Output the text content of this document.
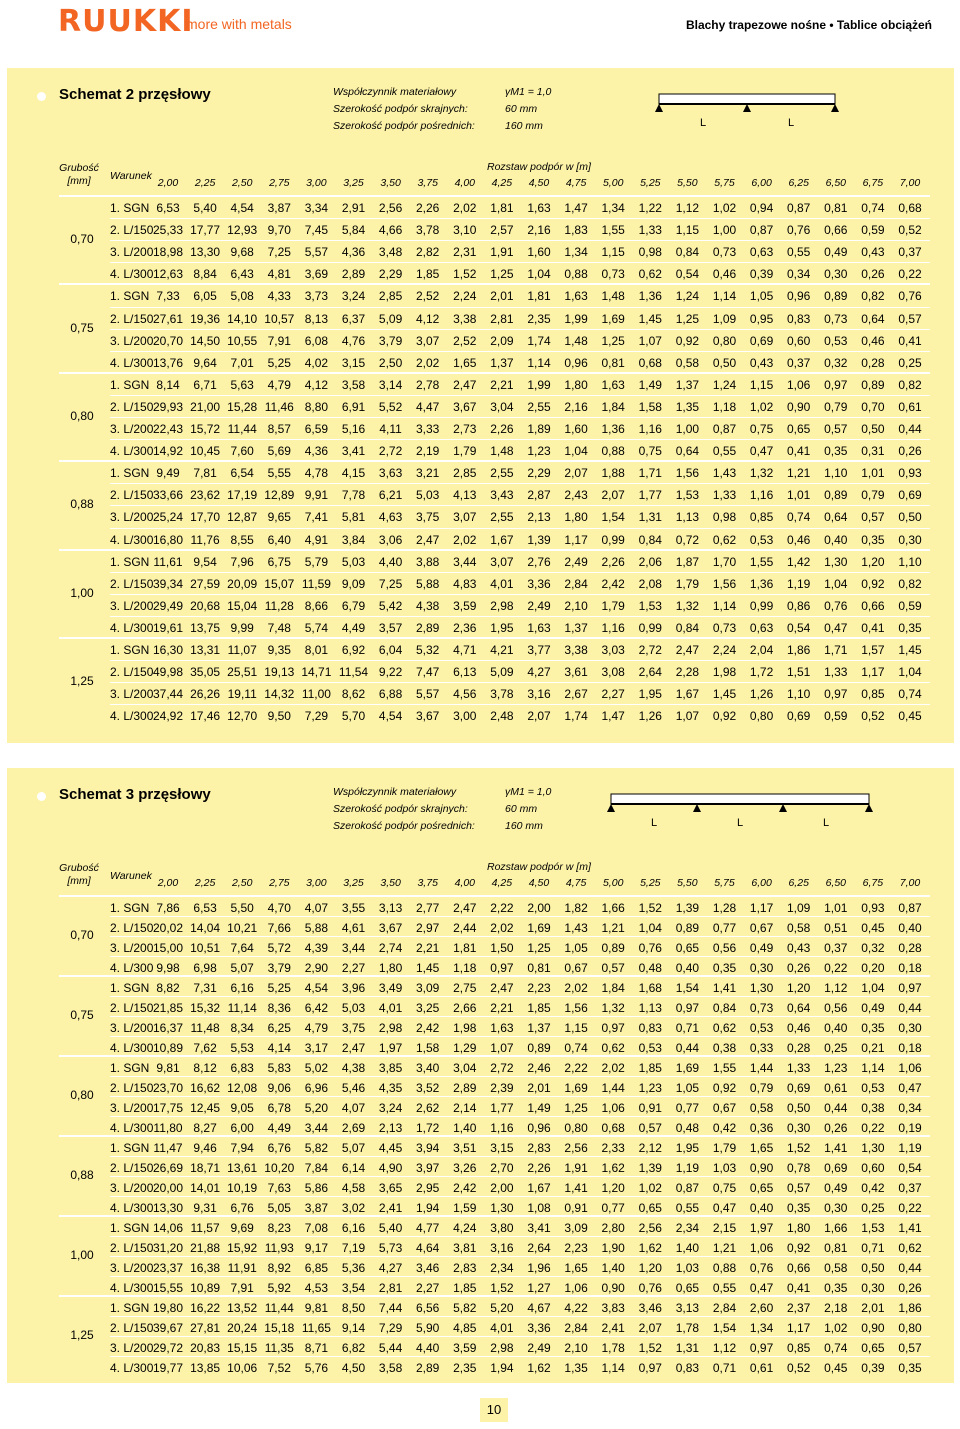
RUUKKI
more with metals	Blachy trapezowe nośne • Tablice obciążeń
Schemat 2 przęsłowy	Współczynnik materiałowy	γM1 = 1,0
Szerokość podpór skrajnych:	60 mm
Szerokość podpór pośrednich:	160 mm	L	L
Grubość
[mm]	Warunek
Rozstaw podpór w [m]
2,00	2,25	2,50	2,75	3,00	3,25	3,50	3,75	4,00	4,25	4,50	4,75	5,00	5,25	5,50	5,75	6,00	6,25	6,50	6,75	7,00
0,70
1. SGN 6,53	5,40	4,54	3,87	3,34	2,91	2,56	2,26	2,02	1,81	1,63	1,47	1,34	1,22	1,12	1,02	0,94	0,87	0,81	0,74	0,68
2. L/150 25,33 17,77 12,93 9,70	7,45	5,84	4,66	3,78	3,10	2,57	2,16	1,83	1,55	1,33	1,15	1,00	0,87	0,76	0,66	0,59	0,52
3. L/200 18,98 13,30 9,68	7,25	5,57	4,36	3,48	2,82	2,31	1,91	1,60	1,34	1,15	0,98	0,84	0,73	0,63	0,55	0,49	0,43	0,37
4. L/300 12,63 8,84	6,43	4,81	3,69	2,89	2,29	1,85	1,52	1,25	1,04	0,88	0,73	0,62	0,54	0,46	0,39	0,34	0,30	0,26	0,22
0,75
1. SGN 7,33	6,05	5,08	4,33	3,73	3,24	2,85	2,52	2,24	2,01	1,81	1,63	1,48	1,36	1,24	1,14	1,05	0,96	0,89	0,82	0,76
2. L/150 27,61 19,36 14,10 10,57 8,13	6,37	5,09	4,12	3,38	2,81	2,35	1,99	1,69	1,45	1,25	1,09	0,95	0,83	0,73	0,64	0,57
3. L/200 20,70 14,50 10,55 7,91	6,08	4,76	3,79	3,07	2,52	2,09	1,74	1,48	1,25	1,07	0,92	0,80	0,69	0,60	0,53	0,46	0,41
4. L/300 13,76 9,64	7,01	5,25	4,02	3,15	2,50	2,02	1,65	1,37	1,14	0,96	0,81	0,68	0,58	0,50	0,43	0,37	0,32	0,28	0,25
0,80
1. SGN 8,14	6,71	5,63	4,79	4,12	3,58	3,14	2,78	2,47	2,21	1,99	1,80	1,63	1,49	1,37	1,24	1,15	1,06	0,97	0,89	0,82
2. L/150 29,93 21,00 15,28 11,46 8,80	6,91	5,52	4,47	3,67	3,04	2,55	2,16	1,84	1,58	1,35	1,18	1,02	0,90	0,79	0,70	0,61
3. L/200 22,43 15,72 11,44 8,57	6,59	5,16	4,11	3,33	2,73	2,26	1,89	1,60	1,36	1,16	1,00	0,87	0,75	0,65	0,57	0,50	0,44
4. L/300 14,92 10,45 7,60	5,69	4,36	3,41	2,72	2,19	1,79	1,48	1,23	1,04	0,88	0,75	0,64	0,55	0,47	0,41	0,35	0,31	0,26
0,88
1. SGN 9,49	7,81	6,54	5,55	4,78	4,15	3,63	3,21	2,85	2,55	2,29	2,07	1,88	1,71	1,56	1,43	1,32	1,21	1,10	1,01	0,93
2. L/150 33,66 23,62 17,19 12,89 9,91	7,78	6,21	5,03	4,13	3,43	2,87	2,43	2,07	1,77	1,53	1,33	1,16	1,01	0,89	0,79	0,69
3. L/200 25,24 17,70 12,87 9,65	7,41	5,81	4,63	3,75	3,07	2,55	2,13	1,80	1,54	1,31	1,13	0,98	0,85	0,74	0,64	0,57	0,50
4. L/300 16,80 11,76 8,55	6,40	4,91	3,84	3,06	2,47	2,02	1,67	1,39	1,17	0,99	0,84	0,72	0,62	0,53	0,46	0,40	0,35	0,30
1,00
1. SGN 11,61 9,54	7,96	6,75	5,79	5,03	4,40	3,88	3,44	3,07	2,76	2,49	2,26	2,06	1,87	1,70	1,55	1,42	1,30	1,20	1,10
2. L/150 39,34 27,59 20,09 15,07 11,59 9,09	7,25	5,88	4,83	4,01	3,36	2,84	2,42	2,08	1,79	1,56	1,36	1,19	1,04	0,92	0,82
3. L/200 29,49 20,68 15,04 11,28 8,66	6,79	5,42	4,38	3,59	2,98	2,49	2,10	1,79	1,53	1,32	1,14	0,99	0,86	0,76	0,66	0,59
4. L/300 19,61 13,75 9,99	7,48	5,74	4,49	3,57	2,89	2,36	1,95	1,63	1,37	1,16	0,99	0,84	0,73	0,63	0,54	0,47	0,41	0,35
1,25
1. SGN 16,30 13,31 11,07 9,35	8,01	6,92	6,04	5,32	4,71	4,21	3,77	3,38	3,03	2,72	2,47	2,24	2,04	1,86	1,71	1,57	1,45
2. L/150 49,98 35,05 25,51 19,13 14,71 11,54 9,22	7,47	6,13	5,09	4,27	3,61	3,08	2,64	2,28	1,98	1,72	1,51	1,33	1,17	1,04
3. L/200 37,44 26,26 19,11 14,32 11,00 8,62	6,88	5,57	4,56	3,78	3,16	2,67	2,27	1,95	1,67	1,45	1,26	1,10	0,97	0,85	0,74
4. L/300 24,92 17,46 12,70 9,50	7,29	5,70	4,54	3,67	3,00	2,48	2,07	1,74	1,47	1,26	1,07	0,92	0,80	0,69	0,59	0,52	0,45
Schemat 3 przęsłowy	Współczynnik materiałowy	γM1 = 1,0
Szerokość podpór skrajnych:	60 mm
Szerokość podpór pośrednich:	160 mm	L	L	L
Grubość
[mm]	Warunek
Rozstaw podpór w [m]
2,00	2,25	2,50	2,75	3,00	3,25	3,50	3,75	4,00	4,25	4,50	4,75	5,00	5,25	5,50	5,75	6,00	6,25	6,50	6,75	7,00
0,70
1. SGN 7,86	6,53	5,50	4,70	4,07	3,55	3,13	2,77	2,47	2,22	2,00	1,82	1,66	1,52	1,39	1,28	1,17	1,09	1,01	0,93	0,87
2. L/150 20,02 14,04 10,21 7,66	5,88	4,61	3,67	2,97	2,44	2,02	1,69	1,43	1,21	1,04	0,89	0,77	0,67	0,58	0,51	0,45	0,40
3. L/200 15,00 10,51 7,64	5,72	4,39	3,44	2,74	2,21	1,81	1,50	1,25	1,05	0,89	0,76	0,65	0,56	0,49	0,43	0,37	0,32	0,28
4. L/300 9,98	6,98	5,07	3,79	2,90	2,27	1,80	1,45	1,18	0,97	0,81	0,67	0,57	0,48	0,40	0,35	0,30	0,26	0,22	0,20	0,18
0,75
1. SGN 8,82	7,31	6,16	5,25	4,54	3,96	3,49	3,09	2,75	2,47	2,23	2,02	1,84	1,68	1,54	1,41	1,30	1,20	1,12	1,04	0,97
2. L/150 21,85 15,32 11,14 8,36	6,42	5,03	4,01	3,25	2,66	2,21	1,85	1,56	1,32	1,13	0,97	0,84	0,73	0,64	0,56	0,49	0,44
3. L/200 16,37 11,48 8,34	6,25	4,79	3,75	2,98	2,42	1,98	1,63	1,37	1,15	0,97	0,83	0,71	0,62	0,53	0,46	0,40	0,35	0,30
4. L/300 10,89 7,62	5,53	4,14	3,17	2,47	1,97	1,58	1,29	1,07	0,89	0,74	0,62	0,53	0,44	0,38	0,33	0,28	0,25	0,21	0,18
0,80
1. SGN 9,81	8,12	6,83	5,83	5,02	4,38	3,85	3,40	3,04	2,72	2,46	2,22	2,02	1,85	1,69	1,55	1,44	1,33	1,23	1,14	1,06
2. L/150 23,70 16,62 12,08 9,06	6,96	5,46	4,35	3,52	2,89	2,39	2,01	1,69	1,44	1,23	1,05	0,92	0,79	0,69	0,61	0,53	0,47
3. L/200 17,75 12,45 9,05	6,78	5,20	4,07	3,24	2,62	2,14	1,77	1,49	1,25	1,06	0,91	0,77	0,67	0,58	0,50	0,44	0,38	0,34
4. L/300 11,80 8,27	6,00	4,49	3,44	2,69	2,13	1,72	1,40	1,16	0,96	0,80	0,68	0,57	0,48	0,42	0,36	0,30	0,26	0,22	0,19
0,88
1. SGN 11,47 9,46	7,94	6,76	5,82	5,07	4,45	3,94	3,51	3,15	2,83	2,56	2,33	2,12	1,95	1,79	1,65	1,52	1,41	1,30	1,19
2. L/150 26,69 18,71 13,61 10,20 7,84	6,14	4,90	3,97	3,26	2,70	2,26	1,91	1,62	1,39	1,19	1,03	0,90	0,78	0,69	0,60	0,54
3. L/200 20,00 14,01 10,19 7,63	5,86	4,58	3,65	2,95	2,42	2,00	1,67	1,41	1,20	1,02	0,87	0,75	0,65	0,57	0,49	0,42	0,37
4. L/300 13,30 9,31	6,76	5,05	3,87	3,02	2,41	1,94	1,59	1,30	1,08	0,91	0,77	0,65	0,55	0,47	0,40	0,35	0,30	0,25	0,22
1,00
1. SGN 14,06 11,57 9,69	8,23	7,08	6,16	5,40	4,77	4,24	3,80	3,41	3,09	2,80	2,56	2,34	2,15	1,97	1,80	1,66	1,53	1,41
2. L/150 31,20 21,88 15,92 11,93 9,17	7,19	5,73	4,64	3,81	3,16	2,64	2,23	1,90	1,62	1,40	1,21	1,06	0,92	0,81	0,71	0,62
3. L/200 23,37 16,38 11,91 8,92	6,85	5,36	4,27	3,46	2,83	2,34	1,96	1,65	1,40	1,20	1,03	0,88	0,76	0,66	0,58	0,50	0,44
4. L/300 15,55 10,89 7,91	5,92	4,53	3,54	2,81	2,27	1,85	1,52	1,27	1,06	0,90	0,76	0,65	0,55	0,47	0,41	0,35	0,30	0,26
1,25
1. SGN 19,80 16,22 13,52 11,44 9,81	8,50	7,44	6,56	5,82	5,20	4,67	4,22	3,83	3,46	3,13	2,84	2,60	2,37	2,18	2,01	1,86
2. L/150 39,67 27,81 20,24 15,18 11,65 9,14	7,29	5,90	4,85	4,01	3,36	2,84	2,41	2,07	1,78	1,54	1,34	1,17	1,02	0,90	0,80
3. L/200 29,72 20,83 15,15 11,35 8,71	6,82	5,44	4,40	3,59	2,98	2,49	2,10	1,78	1,52	1,31	1,12	0,97	0,85	0,74	0,65	0,57
4. L/300 19,77 13,85 10,06 7,52	5,76	4,50	3,58	2,89	2,35	1,94	1,62	1,35	1,14	0,97	0,83	0,71	0,61	0,52	0,45	0,39	0,35
10
